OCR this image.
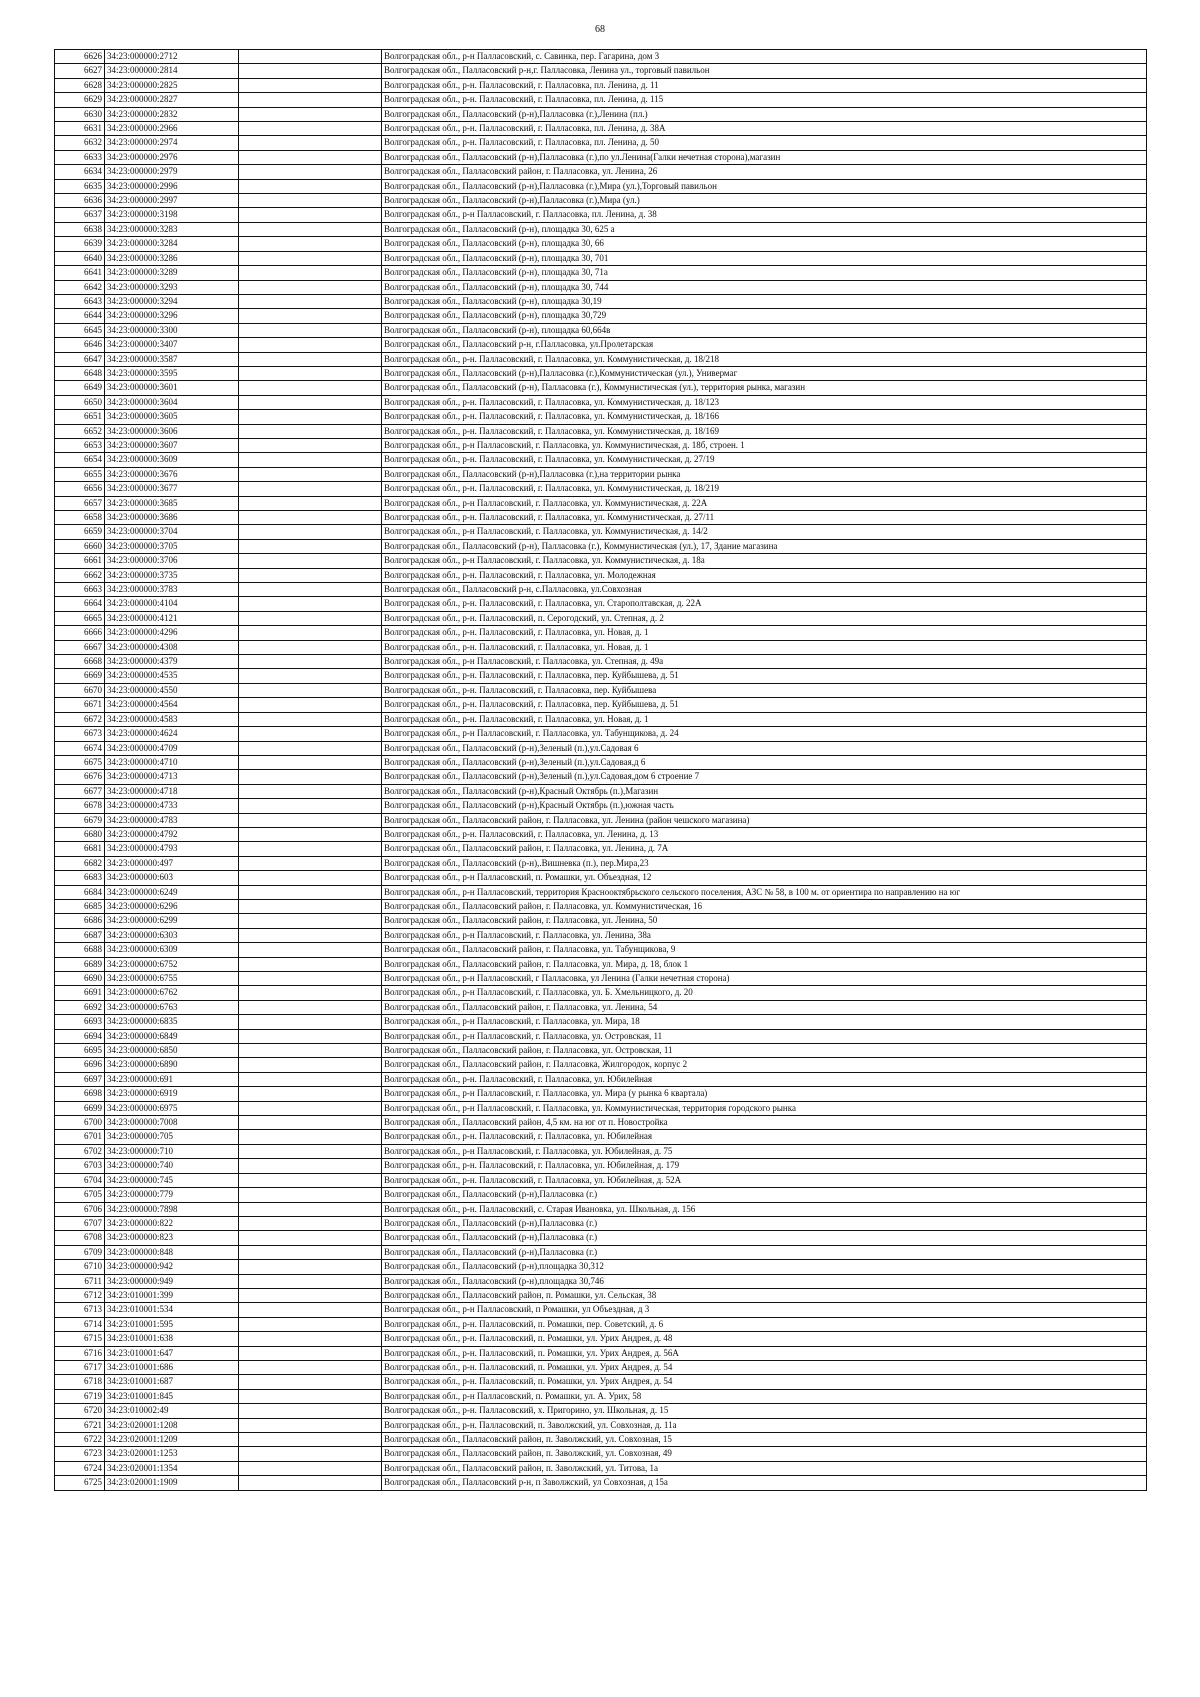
68
6626	34:23:000000:2712		Волгоградская обл., р-н Палласовский, с. Савинка, пер. Гагарина, дом 3
6627	34:23:000000:2814		Волгоградская обл., Палласовский р-н,г. Палласовка, Ленина ул., торговый павильон
6628	34:23:000000:2825		Волгоградская обл., р-н. Палласовский, г. Палласовка, пл. Ленина, д. 11
6629	34:23:000000:2827		Волгоградская обл., р-н. Палласовский, г. Палласовка, пл. Ленина, д. 115
6630	34:23:000000:2832		Волгоградская обл., Палласовский (р-н),Палласовка (г.),Ленина (пл.)
6631	34:23:000000:2966		Волгоградская обл., р-н. Палласовский, г. Палласовка, пл. Ленина, д. 38А
6632	34:23:000000:2974		Волгоградская обл., р-н. Палласовский, г. Палласовка, пл. Ленина, д. 50
6633	34:23:000000:2976		Волгоградская обл., Палласовский (р-н),Палласовка (г.),по ул.Ленина(Галки нечетная сторона),магазин
6634	34:23:000000:2979		Волгоградская обл., Палласовский район, г. Палласовка, ул. Ленина, 26
6635	34:23:000000:2996		Волгоградская обл., Палласовский (р-н),Палласовка (г.),Мира (ул.),Торговый павильон
6636	34:23:000000:2997		Волгоградская обл., Палласовский (р-н),Палласовка (г.),Мира (ул.)
6637	34:23:000000:3198		Волгоградская обл., р-н Палласовский, г. Палласовка, пл. Ленина, д. 38
6638	34:23:000000:3283		Волгоградская обл., Палласовский (р-н), площадка 30, 625 а
6639	34:23:000000:3284		Волгоградская обл., Палласовский (р-н), площадка 30, 66
6640	34:23:000000:3286		Волгоградская обл., Палласовский (р-н), площадка 30, 701
6641	34:23:000000:3289		Волгоградская обл., Палласовский (р-н), площадка 30, 71а
6642	34:23:000000:3293		Волгоградская обл., Палласовский (р-н), площадка 30, 744
6643	34:23:000000:3294		Волгоградская обл., Палласовский (р-н), площадка 30,19
6644	34:23:000000:3296		Волгоградская обл., Палласовский (р-н), площадка 30,729
6645	34:23:000000:3300		Волгоградская обл., Палласовский (р-н), площадка 60,664в
6646	34:23:000000:3407		Волгоградская обл., Палласовский р-н, г.Палласовка, ул.Пролетарская
6647	34:23:000000:3587		Волгоградская обл., р-н. Палласовский, г. Палласовка, ул. Коммунистическая, д. 18/218
6648	34:23:000000:3595		Волгоградская обл., Палласовский (р-н),Палласовка (г.),Коммунистическая (ул.), Универмаг
6649	34:23:000000:3601		Волгоградская обл., Палласовский (р-н), Палласовка (г.), Коммунистическая (ул.), территория рынка, магазин
6650	34:23:000000:3604		Волгоградская обл., р-н. Палласовский, г. Палласовка, ул. Коммунистическая, д. 18/123
6651	34:23:000000:3605		Волгоградская обл., р-н. Палласовский, г. Палласовка, ул. Коммунистическая, д. 18/166
6652	34:23:000000:3606		Волгоградская обл., р-н. Палласовский, г. Палласовка, ул. Коммунистическая, д. 18/169
6653	34:23:000000:3607		Волгоградская обл., р-н Палласовский, г. Палласовка, ул. Коммунистическая, д. 18б, строен. 1
6654	34:23:000000:3609		Волгоградская обл., р-н. Палласовский, г. Палласовка, ул. Коммунистическая, д. 27/19
6655	34:23:000000:3676		Волгоградская обл., Палласовский (р-н),Палласовка (г.),на территории рынка
6656	34:23:000000:3677		Волгоградская обл., р-н. Палласовский, г. Палласовка, ул. Коммунистическая, д. 18/219
6657	34:23:000000:3685		Волгоградская обл., р-н Палласовский, г. Палласовка, ул. Коммунистическая, д. 22А
6658	34:23:000000:3686		Волгоградская обл., р-н. Палласовский, г. Палласовка, ул. Коммунистическая, д. 27/11
6659	34:23:000000:3704		Волгоградская обл., р-н Палласовский, г. Палласовка, ул. Коммунистическая, д. 14/2
6660	34:23:000000:3705		Волгоградская обл., Палласовский (р-н), Палласовка (г.), Коммунистическая (ул.), 17, Здание магазина
6661	34:23:000000:3706		Волгоградская обл., р-н Палласовский, г. Палласовка, ул. Коммунистическая, д. 18а
6662	34:23:000000:3735		Волгоградская обл., р-н. Палласовский, г. Палласовка, ул. Молодежная
6663	34:23:000000:3783		Волгоградская обл., Палласовский р-н, с.Палласовка, ул.Совхозная
6664	34:23:000000:4104		Волгоградская обл., р-н. Палласовский, г. Палласовка, ул. Старополтавская, д. 22А
6665	34:23:000000:4121		Волгоградская обл., р-н. Палласовский, п. Серогодский, ул. Степная, д. 2
6666	34:23:000000:4296		Волгоградская обл., р-н. Палласовский, г. Палласовка, ул. Новая, д. 1
6667	34:23:000000:4308		Волгоградская обл., р-н. Палласовский, г. Палласовка, ул. Новая, д. 1
6668	34:23:000000:4379		Волгоградская обл., р-н Палласовский, г. Палласовка, ул. Степная, д. 49а
6669	34:23:000000:4535		Волгоградская обл., р-н. Палласовский, г. Палласовка, пер. Куйбышева, д. 51
6670	34:23:000000:4550		Волгоградская обл., р-н. Палласовский, г. Палласовка, пер. Куйбышева
6671	34:23:000000:4564		Волгоградская обл., р-н. Палласовский, г. Палласовка, пер. Куйбышева, д. 51
6672	34:23:000000:4583		Волгоградская обл., р-н. Палласовский, г. Палласовка, ул. Новая, д. 1
6673	34:23:000000:4624		Волгоградская обл., р-н Палласовский, г. Палласовка, ул. Табунщикова, д. 24
6674	34:23:000000:4709		Волгоградская обл., Палласовский (р-н),Зеленый (п.),ул.Садовая 6
6675	34:23:000000:4710		Волгоградская обл., Палласовский (р-н),Зеленый (п.),ул.Садовая,д 6
6676	34:23:000000:4713		Волгоградская обл., Палласовский (р-н),Зеленый (п.),ул.Садовая,дом 6 строение 7
6677	34:23:000000:4718		Волгоградская обл., Палласовский (р-н),Красный Октябрь (п.),Магазин
6678	34:23:000000:4733		Волгоградская обл., Палласовский (р-н),Красный Октябрь (п.),южная часть
6679	34:23:000000:4783		Волгоградская обл., Палласовский район, г. Палласовка, ул. Ленина (район чешского магазина)
6680	34:23:000000:4792		Волгоградская обл., р-н. Палласовский, г. Палласовка, ул. Ленина, д. 13
6681	34:23:000000:4793		Волгоградская обл., Палласовский район, г. Палласовка, ул. Ленина, д. 7А
6682	34:23:000000:497		Волгоградская обл., Палласовский (р-н),.Вишневка (п.), пер.Мира,23
6683	34:23:000000:603		Волгоградская обл., р-н Палласовский, п. Ромашки, ул. Объездная, 12
6684	34:23:000000:6249		Волгоградская обл., р-н Палласовский, территория Краснооктябрьского сельского поселения, АЗС № 58, в 100 м. от ориентира по направлению на юг
6685	34:23:000000:6296		Волгоградская обл., Палласовский район, г. Палласовка, ул. Коммунистическая, 16
6686	34:23:000000:6299		Волгоградская обл., Палласовский район, г. Палласовка, ул. Ленина, 50
6687	34:23:000000:6303		Волгоградская обл., р-н Палласовский, г. Палласовка, ул. Ленина, 38а
6688	34:23:000000:6309		Волгоградская обл., Палласовский район, г. Палласовка, ул. Табунщикова, 9
6689	34:23:000000:6752		Волгоградская обл., Палласовский район, г. Палласовка, ул. Мира, д. 18, блок 1
6690	34:23:000000:6755		Волгоградская обл., р-н Палласовский, г Палласовка, ул Ленина (Галки нечетная сторона)
6691	34:23:000000:6762		Волгоградская обл., р-н Палласовский, г. Палласовка, ул. Б. Хмельницкого, д. 20
6692	34:23:000000:6763		Волгоградская обл., Палласовский район, г. Палласовка, ул. Ленина, 54
6693	34:23:000000:6835		Волгоградская обл., р-н Палласовский, г. Палласовка, ул. Мира, 18
6694	34:23:000000:6849		Волгоградская обл., р-н Палласовский, г. Палласовка, ул. Островская, 11
6695	34:23:000000:6850		Волгоградская обл., Палласовский район, г. Палласовка, ул. Островская, 11
6696	34:23:000000:6890		Волгоградская обл., Палласовский район, г. Палласовка, Жилгородок, корпус 2
6697	34:23:000000:691		Волгоградская обл., р-н. Палласовский, г. Палласовка, ул. Юбилейная
6698	34:23:000000:6919		Волгоградская обл., р-н Палласовский, г. Палласовка, ул. Мира (у рынка 6 квартала)
6699	34:23:000000:6975		Волгоградская обл., р-н Палласовский, г. Палласовка, ул. Коммунистическая, территория городского рынка
6700	34:23:000000:7008		Волгоградская обл., Палласовский район, 4,5 км. на юг от п. Новостройка
6701	34:23:000000:705		Волгоградская обл., р-н. Палласовский, г. Палласовка, ул. Юбилейная
6702	34:23:000000:710		Волгоградская обл., р-н Палласовский, г. Палласовка, ул. Юбилейная, д. 75
6703	34:23:000000:740		Волгоградская обл., р-н. Палласовский, г. Палласовка, ул. Юбилейная, д. 179
6704	34:23:000000:745		Волгоградская обл., р-н. Палласовский, г. Палласовка, ул. Юбилейная, д. 52А
6705	34:23:000000:779		Волгоградская обл., Палласовский (р-н),Палласовка (г.)
6706	34:23:000000:7898		Волгоградская обл., р-н. Палласовский, с. Старая Ивановка, ул. Школьная, д. 156
6707	34:23:000000:822		Волгоградская обл., Палласовский (р-н),Палласовка (г.)
6708	34:23:000000:823		Волгоградская обл., Палласовский (р-н),Палласовка (г.)
6709	34:23:000000:848		Волгоградская обл., Палласовский (р-н),Палласовка (г.)
6710	34:23:000000:942		Волгоградская обл., Палласовский (р-н),площадка 30,312
6711	34:23:000000:949		Волгоградская обл., Палласовский (р-н),площадка 30,746
6712	34:23:010001:399		Волгоградская обл., Палласовский район, п. Ромашки, ул. Сельская, 38
6713	34:23:010001:534		Волгоградская обл., р-н Палласовский, п Ромашки, ул Объездная, д 3
6714	34:23:010001:595		Волгоградская обл., р-н. Палласовский, п. Ромашки, пер. Советский, д. 6
6715	34:23:010001:638		Волгоградская обл., р-н. Палласовский, п. Ромашки, ул. Урих Андрея, д. 48
6716	34:23:010001:647		Волгоградская обл., р-н. Палласовский, п. Ромашки, ул. Урих Андрея, д. 56А
6717	34:23:010001:686		Волгоградская обл., р-н. Палласовский, п. Ромашки, ул. Урих Андрея, д. 54
6718	34:23:010001:687		Волгоградская обл., р-н. Палласовский, п. Ромашки, ул. Урих Андрея, д. 54
6719	34:23:010001:845		Волгоградская обл., р-н Палласовский, п. Ромашки, ул. А. Урих, 58
6720	34:23:010002:49		Волгоградская обл., р-н. Палласовский, х. Пригорино, ул. Школьная, д. 15
6721	34:23:020001:1208		Волгоградская обл., р-н. Палласовский, п. Заволжский, ул. Совхозная, д. 11а
6722	34:23:020001:1209		Волгоградская обл., Палласовский район, п. Заволжский, ул. Совхозная, 15
6723	34:23:020001:1253		Волгоградская обл., Палласовский район, п. Заволжский, ул. Совхозная, 49
6724	34:23:020001:1354		Волгоградская обл., Палласовский район, п. Заволжский, ул. Титова, 1а
6725	34:23:020001:1909		Волгоградская обл., Палласовский р-н, п Заволжский, ул Совхозная, д 15а
